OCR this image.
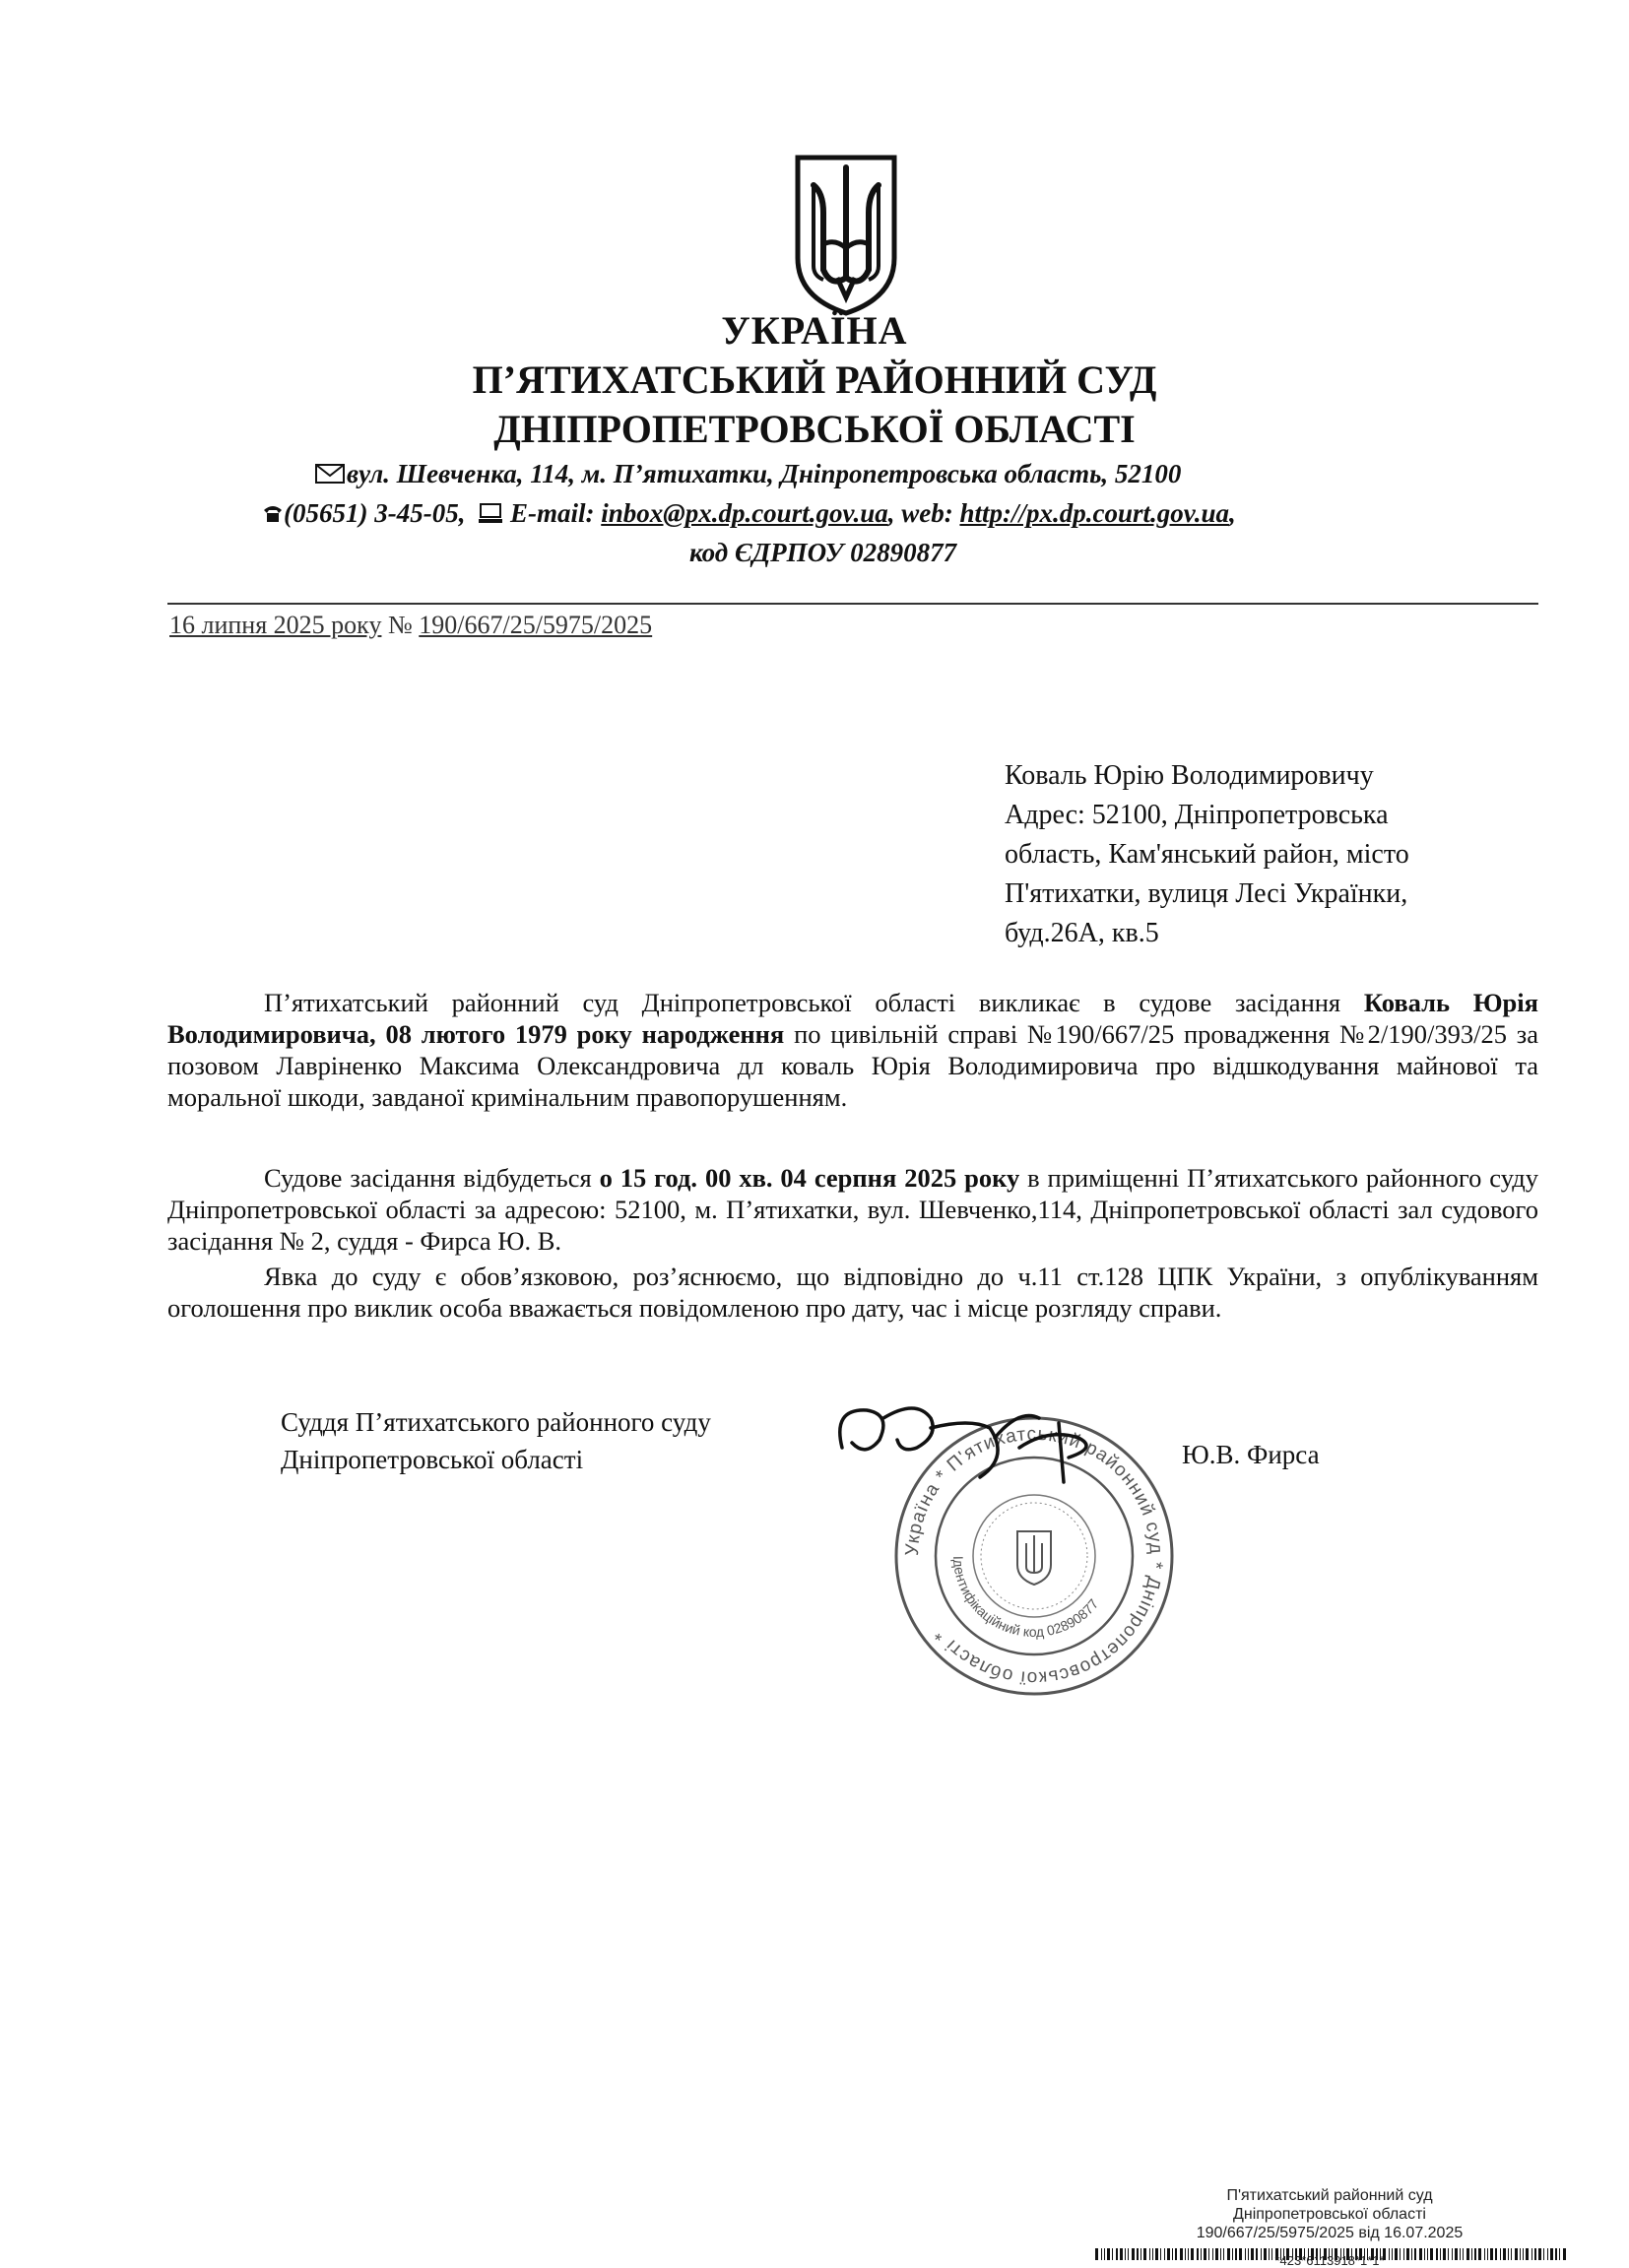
УКРАЇНА
П’ЯТИХАТСЬКИЙ РАЙОННИЙ СУД
ДНІПРОПЕТРОВСЬКОЇ ОБЛАСТІ
вул. Шевченка, 114, м. П’ятихатки, Дніпропетровська область, 52100
(05651) 3-45-05, E-mail: inbox@px.dp.court.gov.ua, web: http://px.dp.court.gov.ua,
код ЄДРПОУ 02890877
16 липня 2025 року № 190/667/25/5975/2025
Коваль Юрію Володимировичу
Адрес: 52100, Дніпропетровська
область, Кам'янський район, місто
П'ятихатки, вулиця Лесі Українки,
буд.26А, кв.5
П’ятихатський районний суд Дніпропетровської області викликає в судове засідання Коваль Юрія Володимировича, 08 лютого 1979 року народження по цивільній справі №190/667/25 провадження №2/190/393/25 за позовом Лавріненко Максима Олександровича дл коваль Юрія Володимировича про відшкодування майнової та моральної шкоди, завданої кримінальним правопорушенням.
Судове засідання відбудеться о 15 год. 00 хв. 04 серпня 2025 року в приміщенні П’ятихатського районного суду Дніпропетровської області за адресою: 52100, м. П’ятихатки, вул. Шевченко,114, Дніпропетровської області зал судового засідання № 2, суддя - Фирса Ю. В.
Явка до суду є обов’язковою, роз’яснюємо, що відповідно до ч.11 ст.128 ЦПК України, з опублікуванням оголошення про виклик особа вважається повідомленою про дату, час і місце розгляду справи.
Суддя П’ятихатського районного суду
Дніпропетровської області
Україна * П'ятихатський районний суд * Дніпропетровської області *
Ідентифікаційний код 02890877
Ю.В. Фирса
П'ятихатський районний суд
Дніпропетровської області
190/667/25/5975/2025 від 16.07.2025
*423*6113918*1*1*
